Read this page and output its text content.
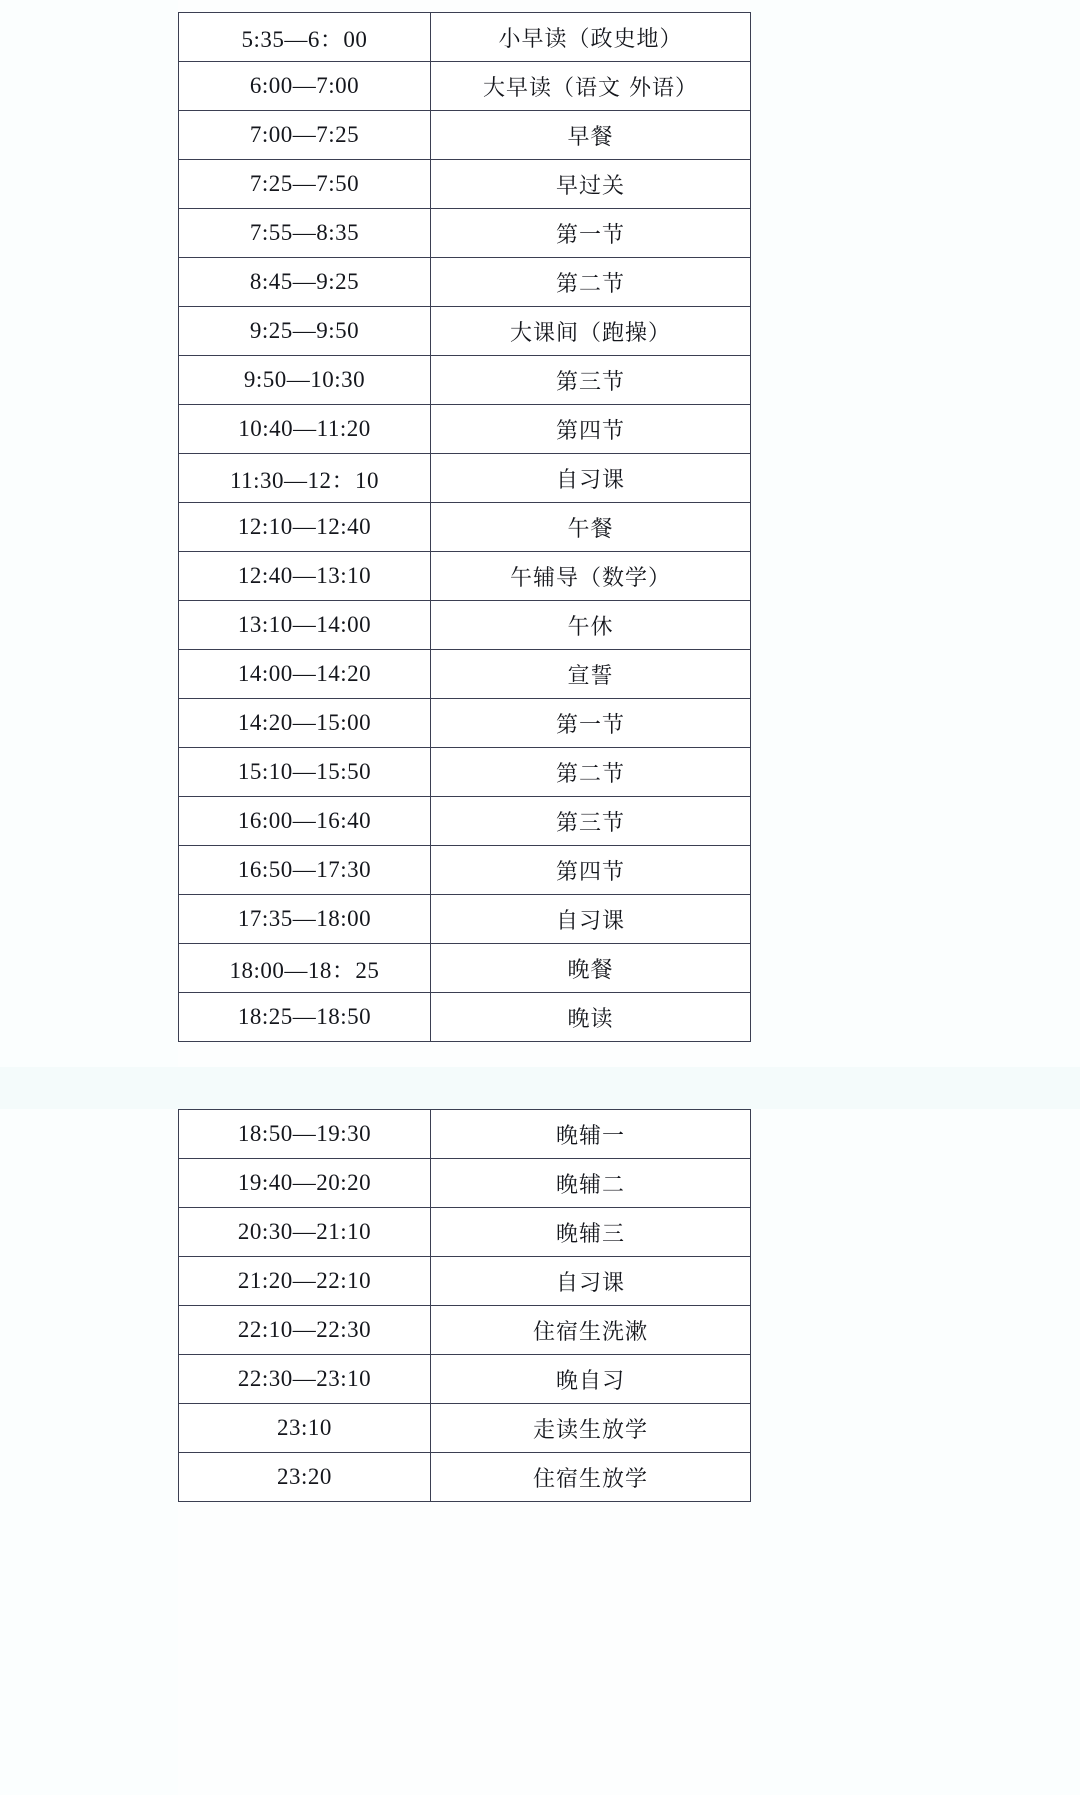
5:35—6：00	小早读（政史地）
6:00—7:00	大早读（语文 外语）
7:00—7:25	早餐
7:25—7:50	早过关
7:55—8:35	第一节
8:45—9:25	第二节
9:25—9:50	大课间（跑操）
9:50—10:30	第三节
10:40—11:20	第四节
11:30—12：10	自习课
12:10—12:40	午餐
12:40—13:10	午辅导（数学）
13:10—14:00	午休
14:00—14:20	宣誓
14:20—15:00	第一节
15:10—15:50	第二节
16:00—16:40	第三节
16:50—17:30	第四节
17:35—18:00	自习课
18:00—18：25	晚餐
18:25—18:50	晚读
18:50—19:30	晚辅一
19:40—20:20	晚辅二
20:30—21:10	晚辅三
21:20—22:10	自习课
22:10—22:30	住宿生洗漱
22:30—23:10	晚自习
23:10	走读生放学
23:20	住宿生放学
